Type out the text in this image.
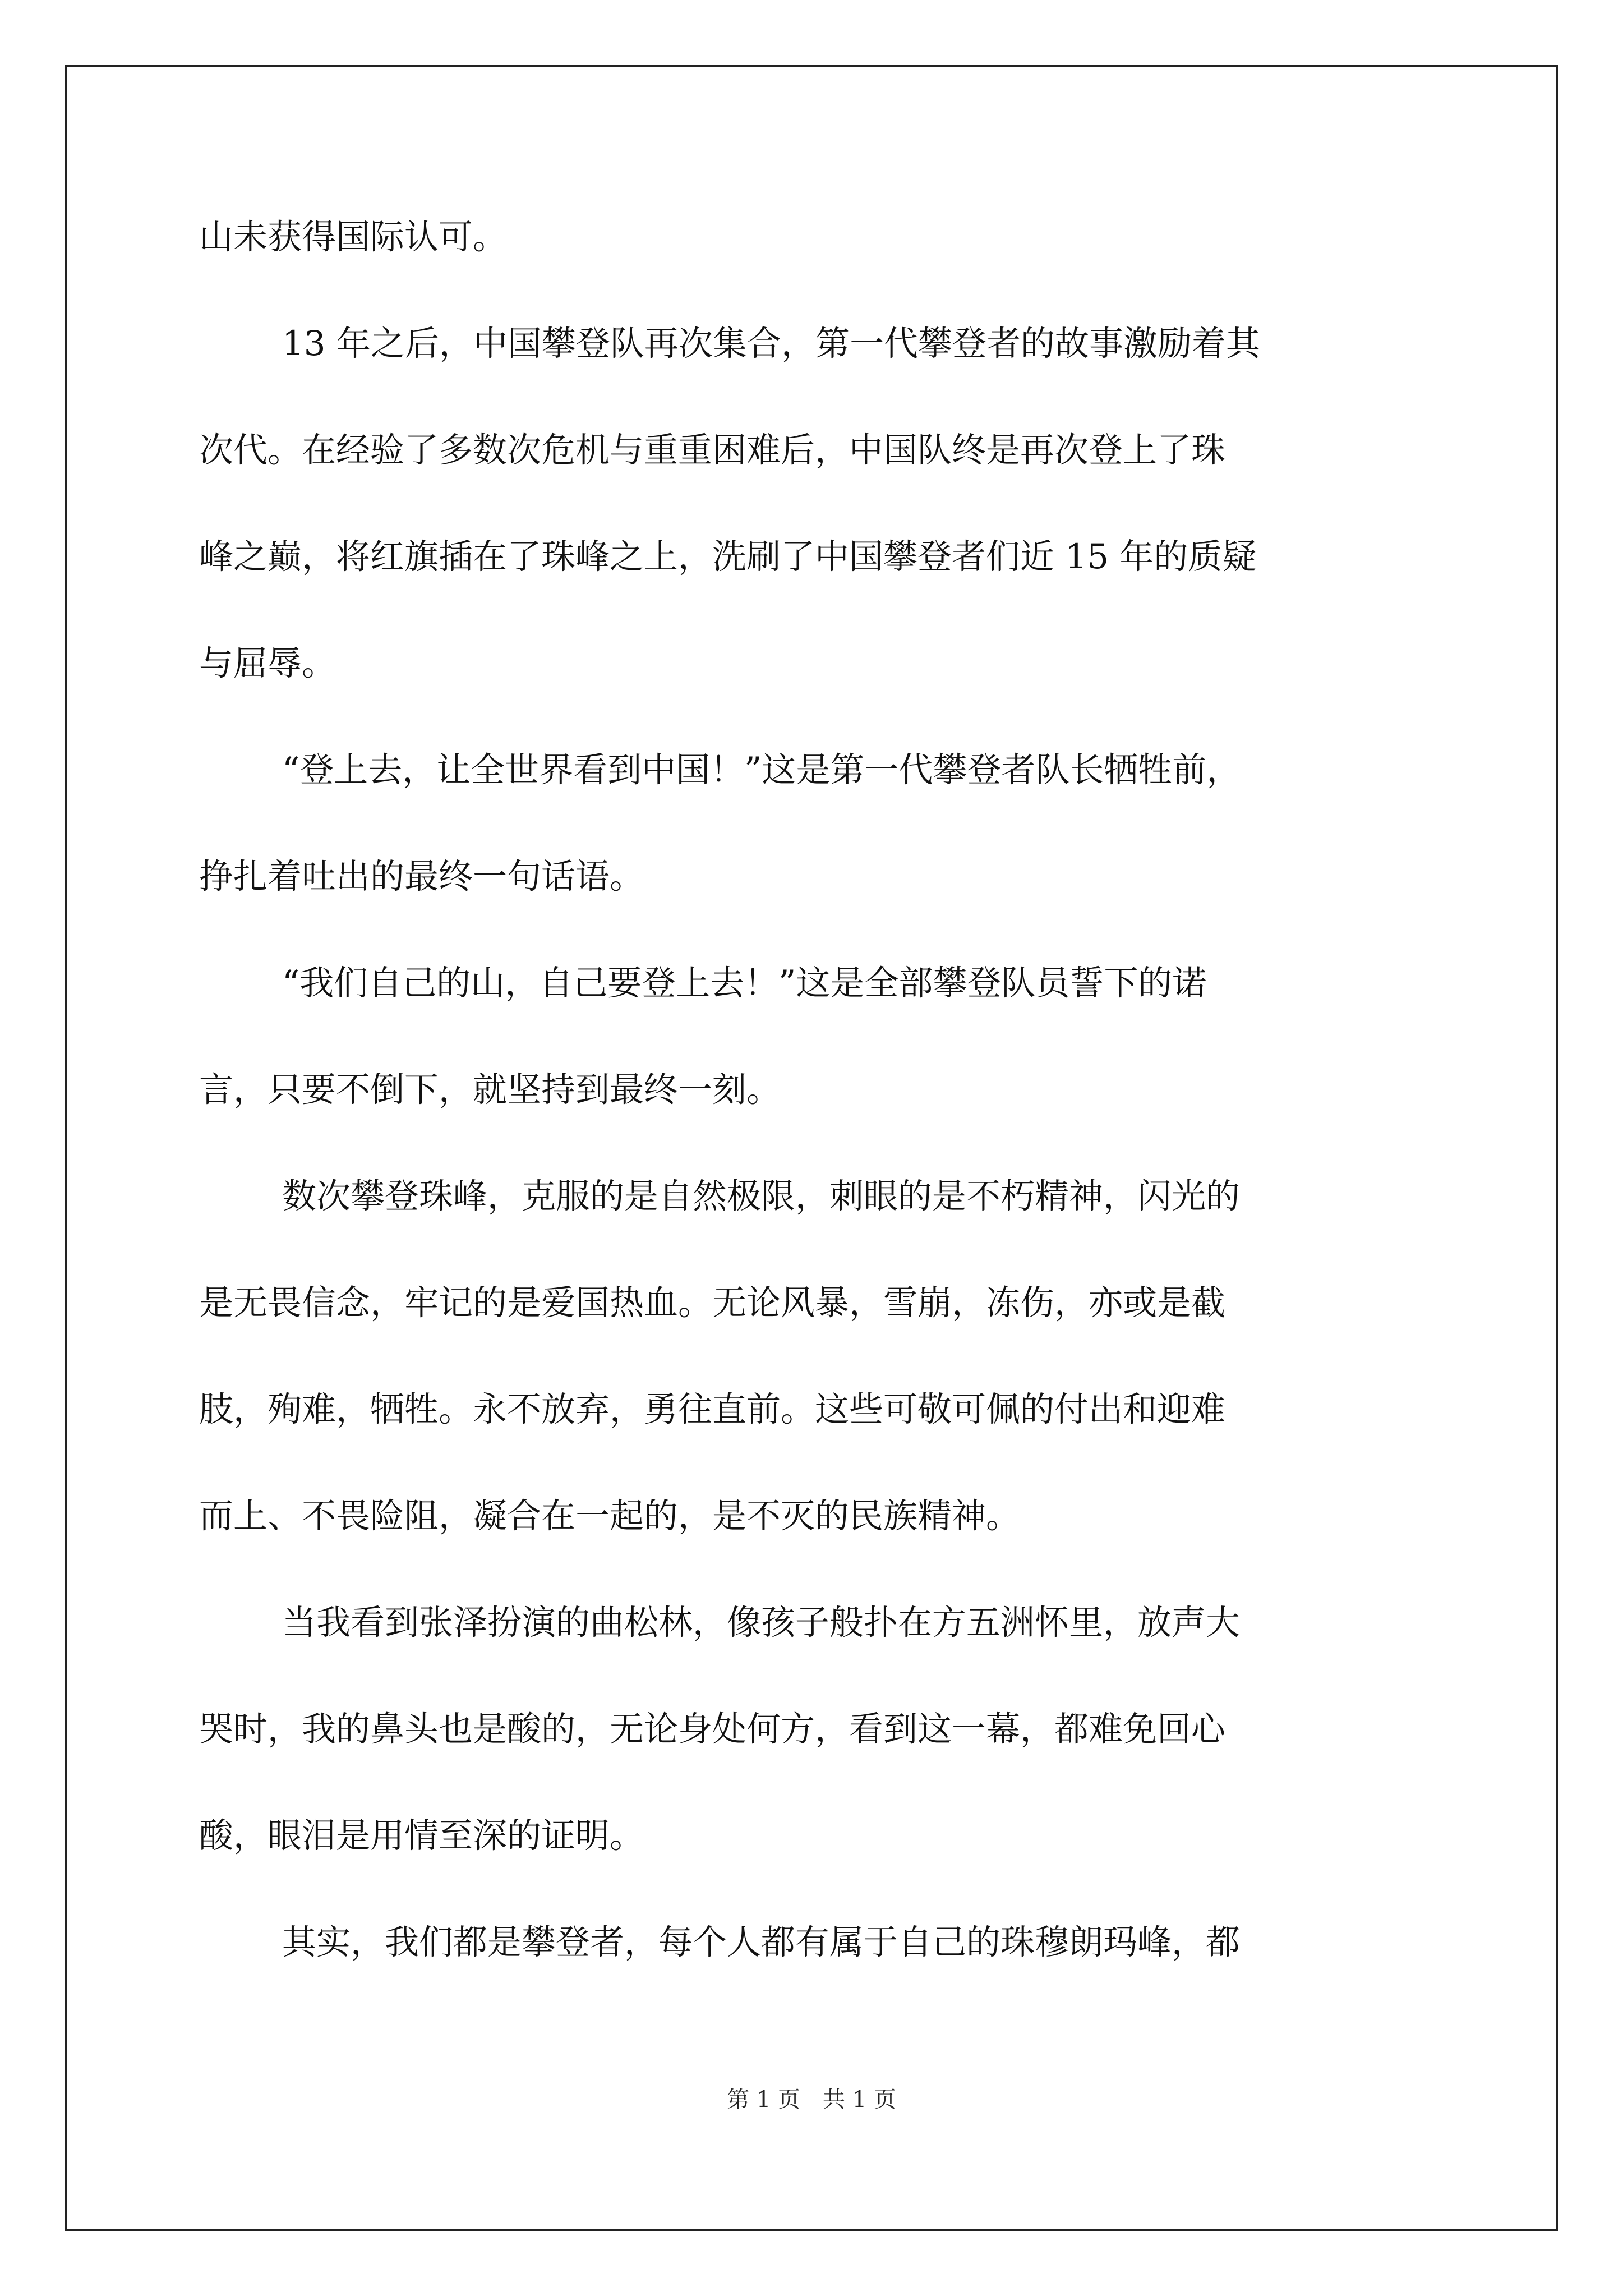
山未获得国际认可。
13 年之后，中国攀登队再次集合，第一代攀登者的故事激励着其
次代。在经验了多数次危机与重重困难后，中国队终是再次登上了珠
峰之巅，将红旗插在了珠峰之上，洗刷了中国攀登者们近 15 年的质疑
与屈辱。
“登上去，让全世界看到中国！”这是第一代攀登者队长牺牲前，
挣扎着吐出的最终一句话语。
“我们自己的山，自己要登上去！”这是全部攀登队员誓下的诺
言，只要不倒下，就坚持到最终一刻。
数次攀登珠峰，克服的是自然极限，刺眼的是不朽精神，闪光的
是无畏信念，牢记的是爱国热血。无论风暴，雪崩，冻伤，亦或是截
肢，殉难，牺牲。永不放弃，勇往直前。这些可敬可佩的付出和迎难
而上、不畏险阻，凝合在一起的，是不灭的民族精神。
当我看到张泽扮演的曲松林，像孩子般扑在方五洲怀里，放声大
哭时，我的鼻头也是酸的，无论身处何方，看到这一幕，都难免回心
酸，眼泪是用情至深的证明。
其实，我们都是攀登者，每个人都有属于自己的珠穆朗玛峰，都
第 1 页　共 1 页
